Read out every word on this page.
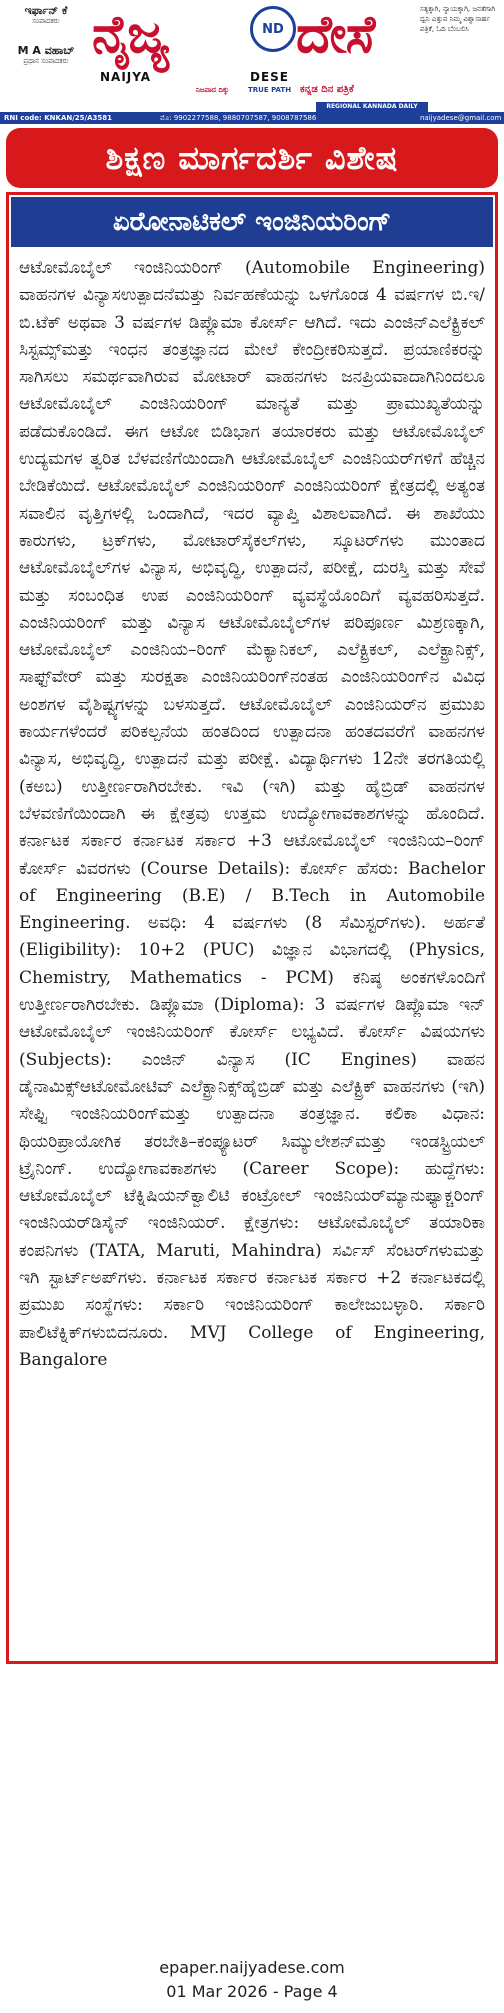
ಇರ್ಫಾನ್ ಕೆ
ಸಂಪಾದಕರು
M A ವಹಾಬ್
ಪ್ರಧಾನ ಸಂಪಾದಕರು ನೈಜ್ಯ	ND ದೇಸೆ
NAIJYA	DESE
ನಿಜವಾದ ದಿಕ್ಕು	TRUE PATH ಕನ್ನಡ ದಿನ ಪತ್ರಿಕೆ
ಸತ್ಯಕ್ಕಾಗಿ, ನ್ಯಾಯಕ್ಕಾಗಿ, ಜನತೆಗಾಗಿ ಧ್ವನಿ ಎತ್ತುವ ನಿಮ್ಮ ವಿಶ್ವಾಸಾರ್ಹ ಪತ್ರಿಕೆ, ಓದಿ ಬೆಂಬಲಿಸಿ
REGIONAL KANNADA DAILY
RNI code: KNKAN/25/A3581	ಮೊ: 9902277588, 9880707587, 9008787586	naijyadese@gmail.com
ಶಿಕ್ಷಣ ಮಾರ್ಗದರ್ಶಿ ವಿಶೇಷ
ಏರೋನಾಟಿಕಲ್ ಇಂಜಿನಿಯರಿಂಗ್

ಆಟೋಮೊಬೈಲ್ ಇಂಜಿನಿಯರಿಂಗ್ (Automobile Engineering) ವಾಹನಗಳ ವಿನ್ಯಾಸಉತ್ಪಾದನೆಮತ್ತು ನಿರ್ವಹಣೆಯನ್ನು ಒಳಗೊಂಡ 4 ವರ್ಷಗಳ ಬಿ.ಇ/ಬಿ.ಟೆಕ್ ಅಥವಾ 3 ವರ್ಷಗಳ ಡಿಪ್ಲೊಮಾ ಕೋರ್ಸ್ ಆಗಿದೆ. ಇದು ಎಂಜಿನ್‌ಎಲೆಕ್ಟ್ರಿಕಲ್ ಸಿಸ್ಟಮ್ಸ್‌ಮತ್ತು ಇಂಧನ ತಂತ್ರಜ್ಞಾನದ ಮೇಲೆ ಕೇಂದ್ರೀಕರಿಸುತ್ತದೆ. ಪ್ರಯಾಣಿಕರನ್ನು ಸಾಗಿಸಲು ಸಮರ್ಥವಾಗಿರುವ ಮೋಟಾರ್ ವಾಹನಗಳು ಜನಪ್ರಿಯವಾದಾಗಿನಿಂದಲೂ ಆಟೋಮೊಬೈಲ್ ಎಂಜಿನಿಯರಿಂಗ್ ಮಾನ್ಯತೆ ಮತ್ತು ಪ್ರಾಮುಖ್ಯತೆಯನ್ನು ಪಡೆದುಕೊಂಡಿದೆ. ಈಗ ಆಟೋ ಬಿಡಿಭಾಗ ತಯಾರಕರು ಮತ್ತು ಆಟೋಮೊಬೈಲ್ ಉದ್ಯಮಗಳ ತ್ವರಿತ ಬೆಳವಣಿಗೆಯಿಂದಾಗಿ ಆಟೋಮೊಬೈಲ್ ಎಂಜಿನಿಯರ್‌ಗಳಿಗೆ ಹೆಚ್ಚಿನ ಬೇಡಿಕೆಯಿದೆ. ಆಟೋಮೊಬೈಲ್ ಎಂಜಿನಿಯರಿಂಗ್ ಎಂಜಿನಿಯರಿಂಗ್ ಕ್ಷೇತ್ರದಲ್ಲಿ ಅತ್ಯಂತ ಸವಾಲಿನ ವೃತ್ತಿಗಳಲ್ಲಿ ಒಂದಾಗಿದೆ, ಇದರ ವ್ಯಾಪ್ತಿ ವಿಶಾಲವಾಗಿದೆ. ಈ ಶಾಖೆಯು ಕಾರುಗಳು, ಟ್ರಕ್‌ಗಳು, ಮೋಟಾರ್‌ಸೈಕಲ್‌ಗಳು, ಸ್ಕೂಟರ್‌ಗಳು ಮುಂತಾದ ಆಟೋಮೊಬೈಲ್‌ಗಳ ವಿನ್ಯಾಸ, ಅಭಿವೃದ್ಧಿ, ಉತ್ಪಾದನೆ, ಪರೀಕ್ಷೆ, ದುರಸ್ತಿ ಮತ್ತು ಸೇವೆ ಮತ್ತು ಸಂಬಂಧಿತ ಉಪ ಎಂಜಿನಿಯರಿಂಗ್ ವ್ಯವಸ್ಥೆಯೊಂದಿಗೆ ವ್ಯವಹರಿಸುತ್ತದೆ. ಎಂಜಿನಿಯರಿಂಗ್ ಮತ್ತು ವಿನ್ಯಾಸ ಆಟೋಮೊಬೈಲ್‌ಗಳ ಪರಿಪೂರ್ಣ ಮಿಶ್ರಣಕ್ಕಾಗಿ, ಆಟೋಮೊಬೈಲ್ ಎಂಜಿನಿಯ–ರಿಂಗ್ ಮೆಕ್ಯಾನಿಕಲ್, ಎಲೆಕ್ಟ್ರಿಕಲ್, ಎಲೆಕ್ಟ್ರಾನಿಕ್ಸ್, ಸಾಫ್ಟ್‌ವೇರ್ ಮತ್ತು ಸುರಕ್ಷತಾ ಎಂಜಿನಿಯರಿಂಗ್‌ನಂತಹ ಎಂಜಿನಿಯರಿಂಗ್‌ನ ವಿವಿಧ ಅಂಶಗಳ ವೈಶಿಷ್ಟ್ಯಗಳನ್ನು ಬಳಸುತ್ತದೆ. ಆಟೋಮೊಬೈಲ್ ಎಂಜಿನಿಯರ್‌ನ ಪ್ರಮುಖ ಕಾರ್ಯಗಳೆಂದರೆ ಪರಿಕಲ್ಪನೆಯ ಹಂತದಿಂದ ಉತ್ಪಾದನಾ ಹಂತದವರೆಗೆ ವಾಹನಗಳ ವಿನ್ಯಾಸ, ಅಭಿವೃದ್ಧಿ, ಉತ್ಪಾದನೆ ಮತ್ತು ಪರೀಕ್ಷೆ. ವಿದ್ಯಾರ್ಥಿಗಳು 12ನೇ ತರಗತಿಯಲ್ಲಿ (ಕಅಬ) ಉತ್ತೀರ್ಣರಾಗಿರಬೇಕು. ಇವಿ (ಇಗಿ) ಮತ್ತು ಹೈಬ್ರಿಡ್ ವಾಹನಗಳ ಬೆಳವಣಿಗೆಯಿಂದಾಗಿ ಈ ಕ್ಷೇತ್ರವು ಉತ್ತಮ ಉದ್ಯೋಗಾವಕಾಶಗಳನ್ನು ಹೊಂದಿದೆ. ಕರ್ನಾಟಕ ಸರ್ಕಾರ ಕರ್ನಾಟಕ ಸರ್ಕಾರ +3 ಆಟೋಮೊಬೈಲ್ ಇಂಜಿನಿಯ–ರಿಂಗ್ ಕೋರ್ಸ್ ವಿವರಗಳು (Course Details): ಕೋರ್ಸ್ ಹೆಸರು: Bachelor of Engineering (B.E) / B.Tech in Automobile Engineering. ಅವಧಿ: 4 ವರ್ಷಗಳು (8 ಸೆಮಿಸ್ಟರ್‌ಗಳು). ಅರ್ಹತೆ (Eligibility): 10+2 (PUC) ವಿಜ್ಞಾನ ವಿಭಾಗದಲ್ಲಿ (Physics, Chemistry, Mathematics - PCM) ಕನಿಷ್ಠ ಅಂಕಗಳೊಂದಿಗೆ ಉತ್ತೀರ್ಣರಾಗಿರಬೇಕು. ಡಿಪ್ಲೊಮಾ (Diploma): 3 ವರ್ಷಗಳ ಡಿಪ್ಲೊಮಾ ಇನ್ ಆಟೋಮೊಬೈಲ್ ಇಂಜಿನಿಯರಿಂಗ್ ಕೋರ್ಸ್ ಲಭ್ಯವಿದೆ. ಕೋರ್ಸ್ ವಿಷಯಗಳು (Subjects): ಎಂಜಿನ್ ವಿನ್ಯಾಸ (IC Engines) ವಾಹನ ಡೈನಾಮಿಕ್ಸ್‌ಆಟೋಮೋಟಿವ್ ಎಲೆಕ್ಟ್ರಾನಿಕ್ಸ್‌ಹೈಬ್ರಿಡ್ ಮತ್ತು ಎಲೆಕ್ಟ್ರಿಕ್ ವಾಹನಗಳು (ಇಗಿ) ಸೇಫ್ಟಿ ಇಂಜಿನಿಯರಿಂಗ್‌ಮತ್ತು ಉತ್ಪಾದನಾ ತಂತ್ರಜ್ಞಾನ. ಕಲಿಕಾ ವಿಧಾನ: ಥಿಯರಿಪ್ರಾಯೋಗಿಕ ತರಬೇತಿ–ಕಂಪ್ಯೂಟರ್ ಸಿಮ್ಯುಲೇಶನ್‌ಮತ್ತು ಇಂಡಸ್ಟ್ರಿಯಲ್ ಟ್ರೈನಿಂಗ್. ಉದ್ಯೋಗಾವಕಾಶಗಳು (Career Scope): ಹುದ್ದೆಗಳು: ಆಟೋಮೊಬೈಲ್ ಟೆಕ್ನಿಷಿಯನ್‌ಕ್ವಾಲಿಟಿ ಕಂಟ್ರೋಲ್ ಇಂಜಿನಿಯರ್‌ಮ್ಯಾನುಫ್ಯಾಕ್ಚರಿಂಗ್ ಇಂಜಿನಿಯರ್‌ಡಿಸೈನ್ ಇಂಜಿನಿಯರ್. ಕ್ಷೇತ್ರಗಳು: ಆಟೋಮೊಬೈಲ್ ತಯಾರಿಕಾ ಕಂಪನಿಗಳು (TATA, Maruti, Mahindra) ಸರ್ವಿಸ್ ಸೆಂಟರ್‌ಗಳುಮತ್ತು ಇಗಿ ಸ್ಟಾರ್ಟ್‌ಅಪ್‌ಗಳು. ಕರ್ನಾಟಕ ಸರ್ಕಾರ ಕರ್ನಾಟಕ ಸರ್ಕಾರ +2 ಕರ್ನಾಟಕದಲ್ಲಿ ಪ್ರಮುಖ ಸಂಸ್ಥೆಗಳು: ಸರ್ಕಾರಿ ಇಂಜಿನಿಯರಿಂಗ್ ಕಾಲೇಜುಬಳ್ಳಾರಿ. ಸರ್ಕಾರಿ ಪಾಲಿಟೆಕ್ನಿಕ್‌ಗಳುಬಿದನೂರು. MVJ College of Engineering, Bangalore

epaper.naijyadese.com
01 Mar 2026 - Page 4
